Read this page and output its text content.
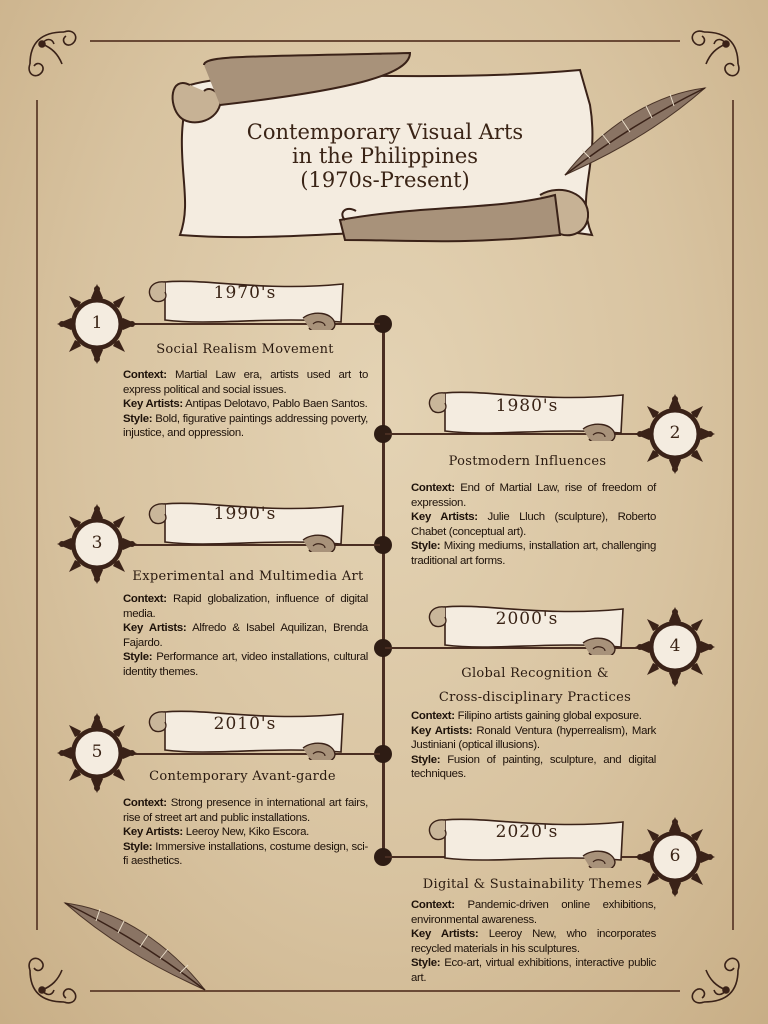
Contemporary Visual Arts
in the Philippines
(1970s-Present)
1970's
1
Social Realism Movement

Context: Martial Law era, artists used art to express political and social issues.

Key Artists: Antipas Delotavo, Pablo Baen Santos.

Style: Bold, figurative paintings addressing poverty, injustice, and oppression.

1980's
2
Postmodern Influences

Context: End of Martial Law, rise of freedom of expression.

Key Artists: Julie Lluch (sculpture), Roberto Chabet (conceptual art).

Style: Mixing mediums, installation art, challenging traditional art forms.

1990's
3
Experimental and Multimedia Art

Context: Rapid globalization, influence of digital media.

Key Artists: Alfredo & Isabel Aquilizan, Brenda Fajardo.

Style: Performance art, video installations, cultural identity themes.

2000's
4
Global Recognition &
Cross-disciplinary Practices

Context: Filipino artists gaining global exposure.

Key Artists: Ronald Ventura (hyperrealism), Mark Justiniani (optical illusions).

Style: Fusion of painting, sculpture, and digital techniques.

2010's
5
Contemporary Avant-garde

Context: Strong presence in international art fairs, rise of street art and public installations.

Key Artists: Leeroy New, Kiko Escora.

Style: Immersive installations, costume design, sci-fi aesthetics.

2020's
6
Digital & Sustainability Themes

Context: Pandemic-driven online exhibitions, environmental awareness.

Key Artists: Leeroy New, who incorporates recycled materials in his sculptures.

Style: Eco-art, virtual exhibitions, interactive public art.
